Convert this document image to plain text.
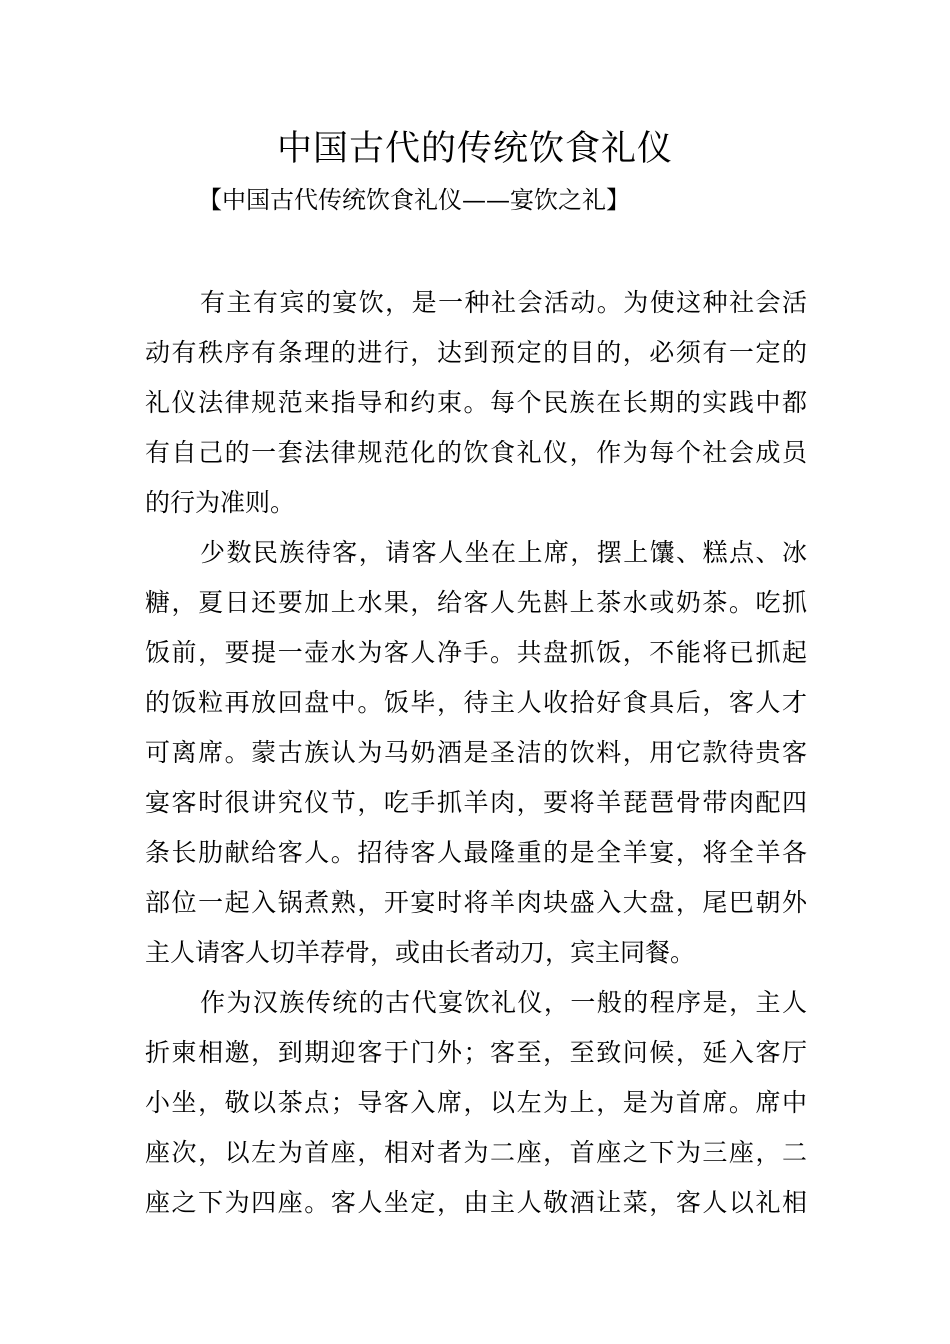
中国古代的传统饮食礼仪
【中国古代传统饮食礼仪——宴饮之礼】
有主有宾的宴饮，是一种社会活动。为使这种社会活
动有秩序有条理的进行，达到预定的目的，必须有一定的
礼仪法律规范来指导和约束。每个民族在长期的实践中都
有自己的一套法律规范化的饮食礼仪，作为每个社会成员
的行为准则。
少数民族待客，请客人坐在上席，摆上馕、糕点、冰
糖，夏日还要加上水果，给客人先斟上茶水或奶茶。吃抓
饭前，要提一壶水为客人净手。共盘抓饭，不能将已抓起
的饭粒再放回盘中。饭毕，待主人收拾好食具后，客人才
可离席。蒙古族认为马奶酒是圣洁的饮料，用它款待贵客
宴客时很讲究仪节，吃手抓羊肉，要将羊琵琶骨带肉配四
条长肋献给客人。招待客人最隆重的是全羊宴，将全羊各
部位一起入锅煮熟，开宴时将羊肉块盛入大盘，尾巴朝外
主人请客人切羊荐骨，或由长者动刀，宾主同餐。
作为汉族传统的古代宴饮礼仪，一般的程序是，主人
折柬相邀，到期迎客于门外；客至，至致问候，延入客厅
小坐，敬以茶点；导客入席，以左为上，是为首席。席中
座次，以左为首座，相对者为二座，首座之下为三座，二
座之下为四座。客人坐定，由主人敬酒让菜，客人以礼相
